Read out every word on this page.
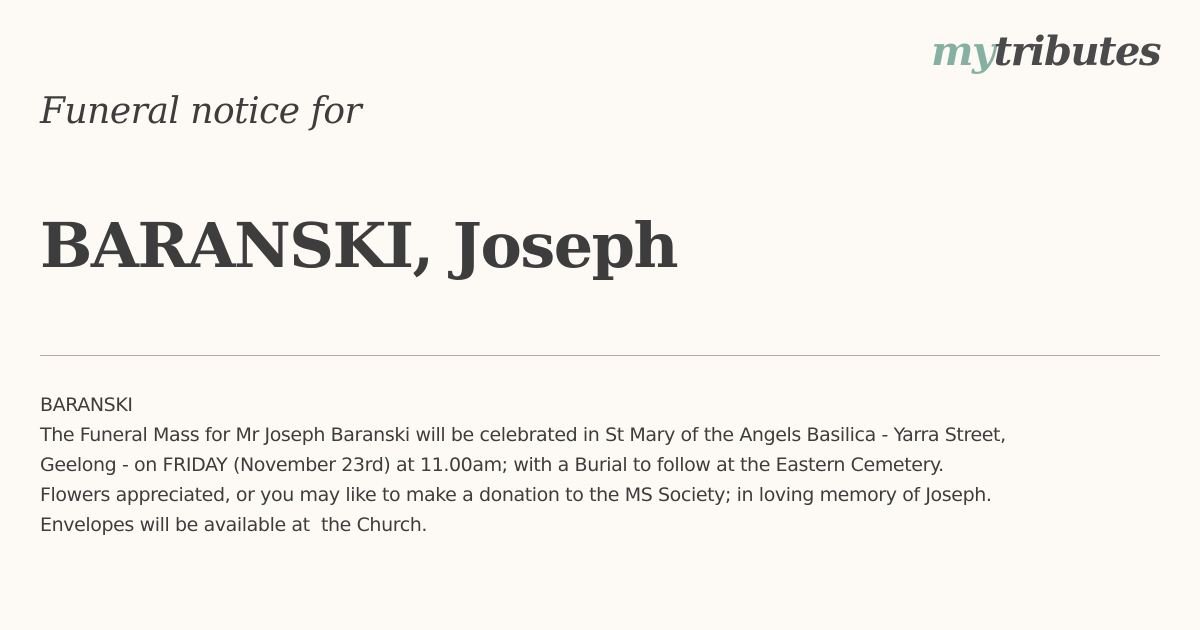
mytributes
Funeral notice for
BARANSKI, Joseph
BARANSKI
The Funeral Mass for Mr Joseph Baranski will be celebrated in St Mary of the Angels Basilica - Yarra Street,
Geelong - on FRIDAY (November 23rd) at 11.00am; with a Burial to follow at the Eastern Cemetery.
Flowers appreciated, or you may like to make a donation to the MS Society; in loving memory of Joseph.
Envelopes will be available at  the Church.
